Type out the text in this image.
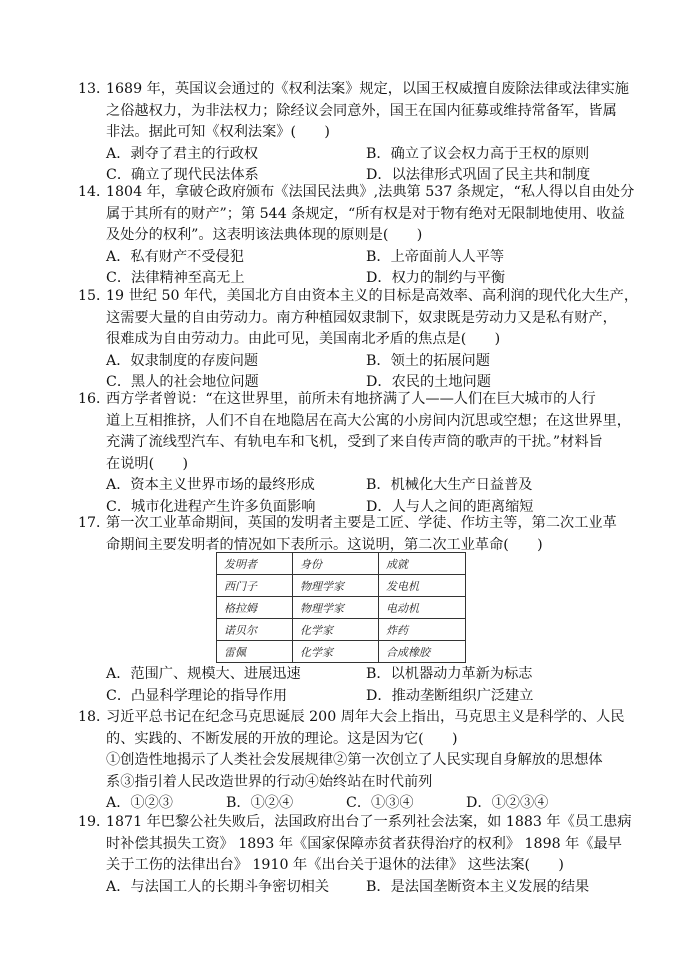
13．1689 年，英国议会通过的《权利法案》规定，以国王权威擅自废除法律或法律实施
之俗越权力，为非法权力；除经议会同意外，国王在国内征募或维持常备军，皆属
非法。据此可知《权利法案》(　　)
A．剥夺了君主的行政权	B．确立了议会权力高于王权的原则
C．确立了现代民法体系	D．以法律形式巩固了民主共和制度
14．1804 年，拿破仑政府颁布《法国民法典》,法典第 537 条规定，“私人得以自由处分
属于其所有的财产”；第 544 条规定，“所有权是对于物有绝对无限制地使用、收益
及处分的权利”。这表明该法典体现的原则是(　　)
A．私有财产不受侵犯	B．上帝面前人人平等
C．法律精神至高无上	D．权力的制约与平衡
15．19 世纪 50 年代，美国北方自由资本主义的目标是高效率、高利润的现代化大生产，
这需要大量的自由劳动力。南方种植园奴隶制下，奴隶既是劳动力又是私有财产，
很难成为自由劳动力。由此可见，美国南北矛盾的焦点是(　　)
A．奴隶制度的存废问题	B．领土的拓展问题
C．黑人的社会地位问题	D．农民的土地问题
16．西方学者曾说：“在这世界里，前所未有地挤满了人——人们在巨大城市的人行
道上互相推挤，人们不自在地隐居在高大公寓的小房间内沉思或空想；在这世界里，
充满了流线型汽车、有轨电车和飞机，受到了来自传声筒的歌声的干扰。”材料旨
在说明(　　)
A．资本主义世界市场的最终形成	B．机械化大生产日益普及
C．城市化进程产生许多负面影响	D．人与人之间的距离缩短
17．第一次工业革命期间，英国的发明者主要是工匠、学徒、作坊主等，第二次工业革
命期间主要发明者的情况如下表所示。这说明，第二次工业革命(　　)
发明者	身份	成就
西门子	物理学家	发电机
格拉姆	物理学家	电动机
诺贝尔	化学家	炸药
雷佩	化学家	合成橡胶
A．范围广、规模大、进展迅速	B．以机器动力革新为标志
C．凸显科学理论的指导作用	D．推动垄断组织广泛建立
18．习近平总书记在纪念马克思诞辰 200 周年大会上指出，马克思主义是科学的、人民
的、实践的、不断发展的开放的理论。这是因为它(　　)
①创造性地揭示了人类社会发展规律②第一次创立了人民实现自身解放的思想体
系③指引着人民改造世界的行动④始终站在时代前列
A．①②③	B．①②④	C．①③④	D．①②③④
19．1871 年巴黎公社失败后，法国政府出台了一系列社会法案，如 1883 年《员工患病
时补偿其损失工资》 1893 年《国家保障赤贫者获得治疗的权利》 1898 年《最早
关于工伤的法律出台》 1910 年《出台关于退休的法律》 这些法案(　　)
A．与法国工人的长期斗争密切相关	B．是法国垄断资本主义发展的结果
